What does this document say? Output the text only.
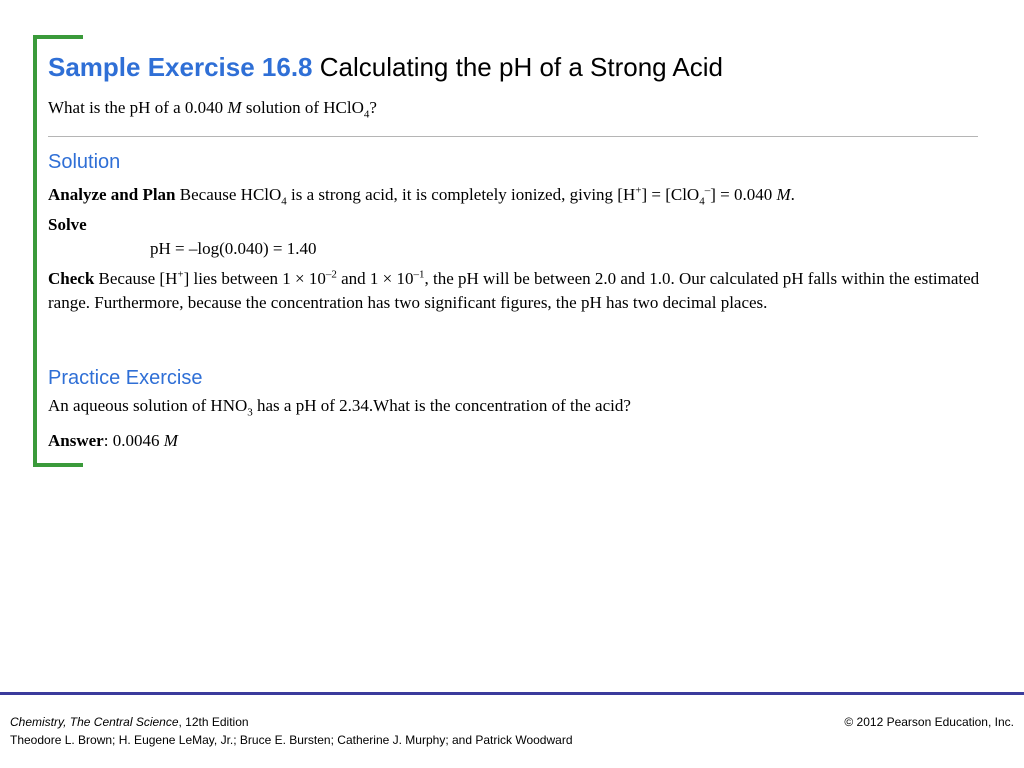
Sample Exercise 16.8 Calculating the pH of a Strong Acid
What is the pH of a 0.040 M solution of HClO$_4$?
Solution
Analyze and Plan Because HClO$_4$ is a strong acid, it is completely ionized, giving [H+] = [ClO$_4$–] = 0.040 M.
Solve
pH = –log(0.040) = 1.40
Check Because [H+] lies between $1 \times 10^{-2}$ and $1 \times 10^{-1}$, the pH will be between 2.0 and 1.0. Our calculated pH falls within the estimated range. Furthermore, because the concentration has two significant figures, the pH has two decimal places.
Practice Exercise
An aqueous solution of $HNO_3$ has a pH of 2.34.What is the concentration of the acid?
Answer: 0.0046 M
Chemistry, The Central Science, 12th Edition
Theodore L. Brown; H. Eugene LeMay, Jr.; Bruce E. Bursten; Catherine J. Murphy; and Patrick Woodward
© 2012 Pearson Education, Inc.
